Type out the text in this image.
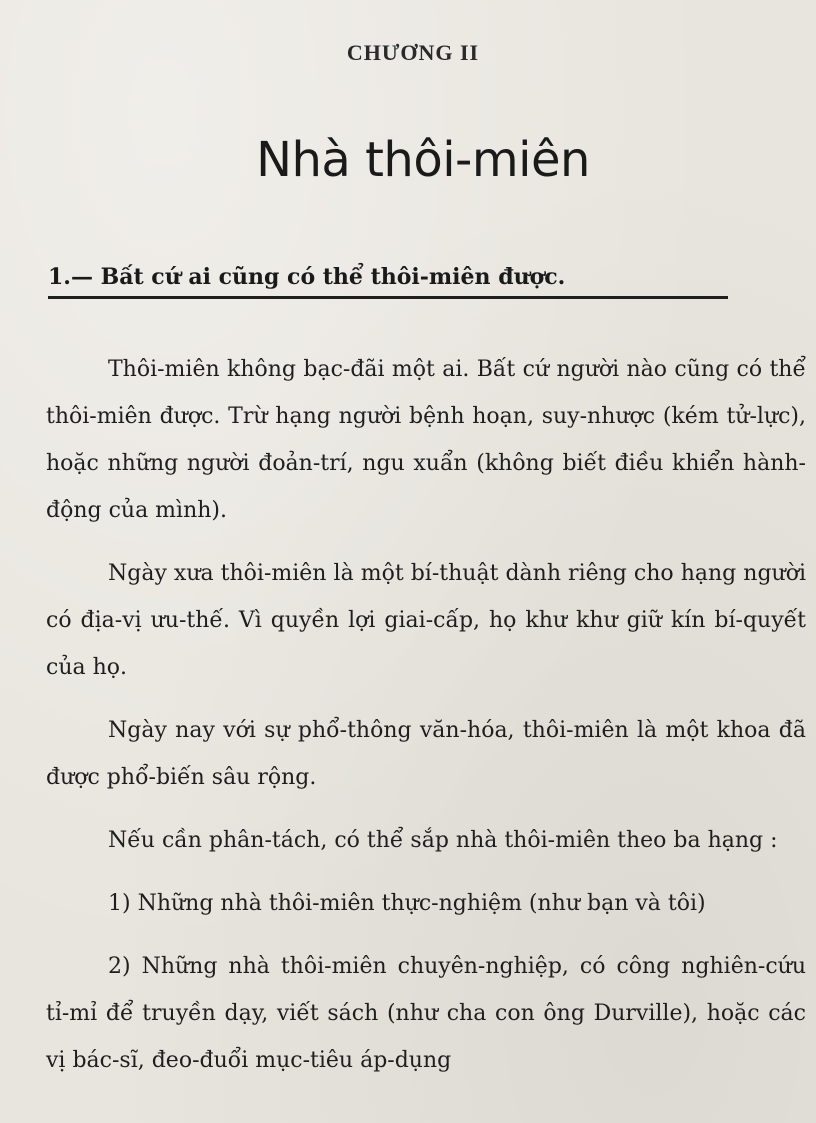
CHƯƠNG II
Nhà thôi-miên
1.— Bất cứ ai cũng có thể thôi-miên được.

Thôi-miên không bạc-đãi một ai. Bất cứ người nào cũng có thể thôi-miên được. Trừ hạng người bệnh hoạn, suy-nhược (kém tử-lực), hoặc những người đoản-trí, ngu xuẩn (không biết điều khiển hành-động của mình).

Ngày xưa thôi-miên là một bí-thuật dành riêng cho hạng người có địa-vị ưu-thế. Vì quyền lợi giai-cấp, họ khư khư giữ kín bí-quyết của họ.

Ngày nay với sự phổ-thông văn-hóa, thôi-miên là một khoa đã được phổ-biến sâu rộng.

Nếu cần phân-tách, có thể sắp nhà thôi-miên theo ba hạng :

1) Những nhà thôi-miên thực-nghiệm (như bạn và tôi)

2) Những nhà thôi-miên chuyên-nghiệp, có công nghiên-cứu tỉ-mỉ để truyền dạy, viết sách (như cha con ông Durville), hoặc các vị bác-sĩ, đeo-đuổi mục-tiêu áp-dụng
